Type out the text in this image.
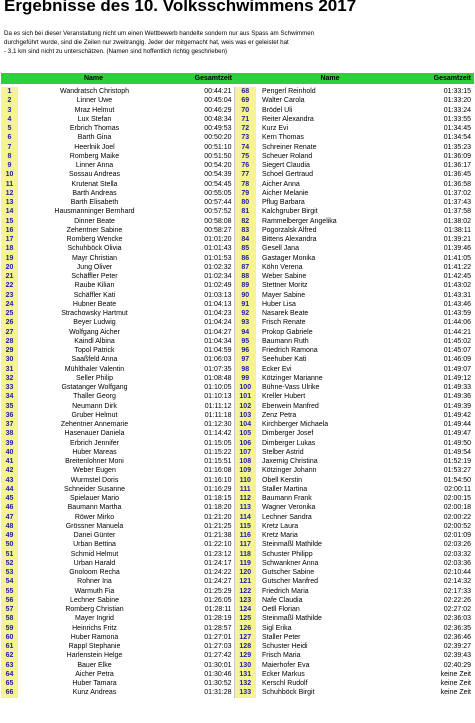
Ergebnisse des 10. Volksschwimmens 2017
Da es sich bei dieser Veranstaltung nicht um einen Wettbewerb handelte sondern nur aus Spass am Schwimmen
durchgeführt wurde, sind die Zeilen nur zweitrangig. Jeder der mitgemacht hat, weis was er geleistet hat
- 3,1 km sind nicht zu unterschätzen. (Namen sind hoffentlich richtig geschrieben)
	Name	Gesamtzeit		Name	Gesamtzeit

1	Wandratsch Christoph	00:44:21	68	Pengerl Reinhold	01:33:15
2	Linner Uwe	00:45:04	69	Walter Carola	01:33:20
3	Mraz Helmut	00:46:29	70	Brödel Uli	01:33:24
4	Lux Stefan	00:48:34	71	Reiter Alexandra	01:33:55
5	Erbrich Thomas	00:49:53	72	Kurz Evi	01:34:45
6	Barth Gina	00:50:20	73	Kern Thomas	01:34:54
7	Heerlnik Joel	00:51:10	74	Schreiner Renate	01:35:23
8	Romberg Maike	00:51:50	75	Scheuer Roland	01:36:09
9	Linner Anna	00:54:20	76	Siegert Claudia	01:36:17
10	Sossau Andreas	00:54:39	77	Schoel Gertraud	01:36:45
11	Krutenat Stella	00:54:45	78	Aicher Anna	01:36:58
12	Barth Andreas	00:55:05	79	Aicher Melanie	01:37:02
13	Barth Elisabeth	00:57:44	80	Pflug Barbara	01:37:43
14	Hausmanninger Bernhard	00:57:52	81	Kalchgruber Birgit	01:37:58
15	Dinner Beate	00:58:08	82	Rammelberger Angelika	01:38:02
16	Zehentner Sabine	00:58:27	83	Pogorzalsk Alfred	01:38:11
17	Romberg Wencke	01:01:20	84	Bittens Alexandra	01:39:21
18	Schuhböck Olivia	01:01:43	85	Gesell Jana	01:39:46
19	Mayr Christian	01:01:53	86	Gastager Monika	01:41:05
20	Jung Oliver	01:02:32	87	Köhn Verena	01:41:22
21	Schäffler Peter	01:02:34	88	Weber Sabine	01:42:45
22	Raube Kilian	01:02:49	89	Stettner Moritz	01:43:02
23	Schäffler Kati	01:03:13	90	Mayer Sabine	01:43:31
24	Hubner Beate	01:04:13	91	Huber Lisa	01:43:46
25	Strachowsky Hartmut	01:04:23	92	Nasarek Beate	01:43:59
26	Beyer Ludwig	01:04:24	93	Frisch Renate	01:44:06
27	Wolfgang Aicher	01:04:27	94	Prokop Gabriele	01:44:21
28	Kaindl Albina	01:04:34	95	Baumann Ruth	01:45:02
29	Topol Patrick	01:04:59	96	Friedrich Ramona	01:45:07
30	Saaßfeld Anna	01:06:03	97	Seehuber Kati	01:46:09
31	Mühlthaler Valentin	01:07:35	98	Ecker Evi	01:49:07
32	Seller Philip	01:08:48	99	Kötzinger Marianne	01:49:12
33	Gstatanger Wolfgang	01:10:05	100	Bühne-Vass Ulrike	01:49:33
34	Thaller Georg	01:10:13	101	Kreller Hubert	01:49:36
35	Neumann Dirk	01:11:12	102	Eberwein Manfred	01:49:39
36	Gruber Helmut	01:11:18	103	Zenz Petra	01:49:42
37	Zehentner Annemarie	01:12:30	104	Kirchberger Michaela	01:49:44
38	Hasenauer Daniela	01:14:42	105	Dimberger Josef	01:49:47
39	Erbrich Jennifer	01:15:05	106	Dimberger Lukas	01:49:50
40	Huber Mareas	01:15:22	107	Stelber Astrid	01:49:54
41	Breitenlohner Moni	01:15:51	108	Jaxemig Christina	01:52:19
42	Weber Eugen	01:16:08	109	Kötzinger Johann	01:53:27
43	Wurmstel Doris	01:16:10	110	Obell Kerstin	01:54:50
44	Schneider Susanne	01:16:29	111	Staller Martina	02:00:11
45	Spielauer Mario	01:18:15	112	Baumann Frank	02:00:15
46	Baumann Martha	01:18:20	113	Wagner Veronika	02:00:18
47	Röwer Mirko	01:21:20	114	Lechner Sandra	02:00:22
48	Grössner Manuela	01:21:25	115	Kretz Laura	02:00:52
49	Danei Günter	01:21:38	116	Kretz Maria	02:01:09
50	Urban Bettina	01:22:10	117	Steinmaßl Mathilde	02:03:26
51	Schmid Helmut	01:23:12	118	Schuster Philipp	02:03:32
52	Urban Harald	01:24:17	119	Schwankner Anna	02:03:36
53	Gnoloom Recha	01:24:22	120	Gutscher Sabine	02:10:44
54	Rohner Ina	01:24:27	121	Gutscher Manfred	02:14:32
55	Warmuth Fia	01:25:29	122	Friedrich Maria	02:17:33
56	Lechner Sabine	01:26:05	123	Nafe Claudia	02:22:26
57	Romberg Christian	01:28:11	124	Oetll Florian	02:27:02
58	Mayer Ingrid	01:28:19	125	Steinmaßl Mathilde	02:36:03
59	Heinrichs Fritz	01:28:57	126	Sigl Erika	02:36:35
60	Huber Ramona	01:27:01	127	Staller Peter	02:36:46
61	Rappl Stephanie	01:27:03	128	Schuster Heidi	02:39:27
62	Harlenstein Helge	01:27:42	129	Frisch Maria	02:39:43
63	Bauer Elke	01:30:01	130	Maierhofer Eva	02:40:29
64	Aicher Petra	01:30:46	131	Ecker Markus	keine Zeit
65	Huber Tamara	01:30:52	132	Kerschl Rudolf	keine Zeit
66	Kunz Andreas	01:31:28	133	Schuhböck Birgit	keine Zeit
